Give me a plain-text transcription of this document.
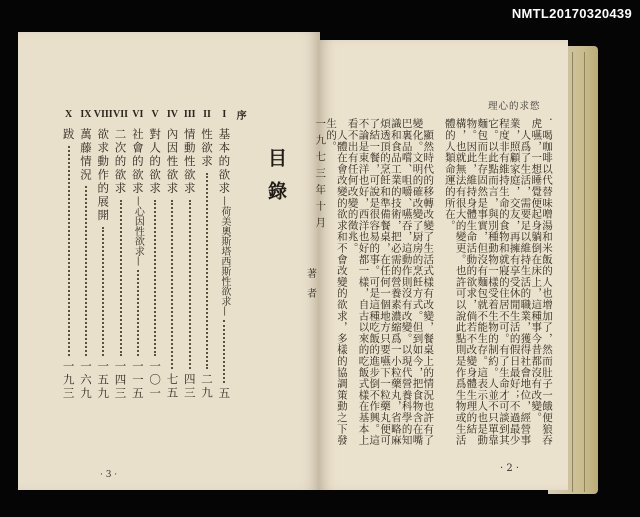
NMTL20170320439
目錄
序
I
基本的欲求
—荷美奧斯塔西斯性欲求—
五
II
性欲求
二九
III
情動性欲求
四三
IV
內因性欲求
七五
V
對人的欲求
一〇一
VI
社會的欲求
—心因性欲求—
一一五
VII
二次的欲求
一四三
VIII
欲求動作的展開
一五九
IX
萬藤情況
一六九
X
跋
一九三
· 3 ·
慾求的心理

．喝咖啡以代替味噌湯和米飯的人也增加了，然而肚子一餓便狼吞虎嚥，一想睡覺便起身躺倒在床上，這種事今昔都沒有改變。

　人爲了生活，需要足以維持生活的職業，獲得社會地位，經營事業，照顧家庭，交友，再擁有享受休閒生活的假日最好；不過最少程度非有維持生命的食物和就寢的住居不可。有了生命才可談到其它。以此點而言，與別種動物一樣受着生物的制約。人並不只單靠麵包而生存固然是事實，但沒有麵包就不能生存。這表示人也是動物。因此，維持身體生命活動的欲求，倘若不改變身體生理的結構，也就無法有很大的變更。也許可以說此點則是作爲生物或生活體的人類命運的所在。

　顯然時代的移轉改變了生活式樣有改變，餐桌上的情況也許有了變化。文明的確改變了厨房的烹飪方式。但到如今，把食物含在嘴巴裏品嚐、咀嚼、嚥吞，這動作則沒有改變。以現代營養科學的知識和食品工業的技術，把必需的營養素濃縮爲一小粒藥丸，省略麻煩透頂的烹飪和準備餐桌，在任何一個地方只要嚥下一粒藥丸便可了結一餐，可說是很容易的事。可是這種吃飯的進步倒不作興。這不論是東洋也好，西洋也好都一樣，自古以來的吃飯式樣在基本上看不出有任何改變的徵兆。

　人體在會改變的欲求和不會改變的欲求，多樣的協調策動之下發生的。

一九七三年十月

著者

· 2 ·
